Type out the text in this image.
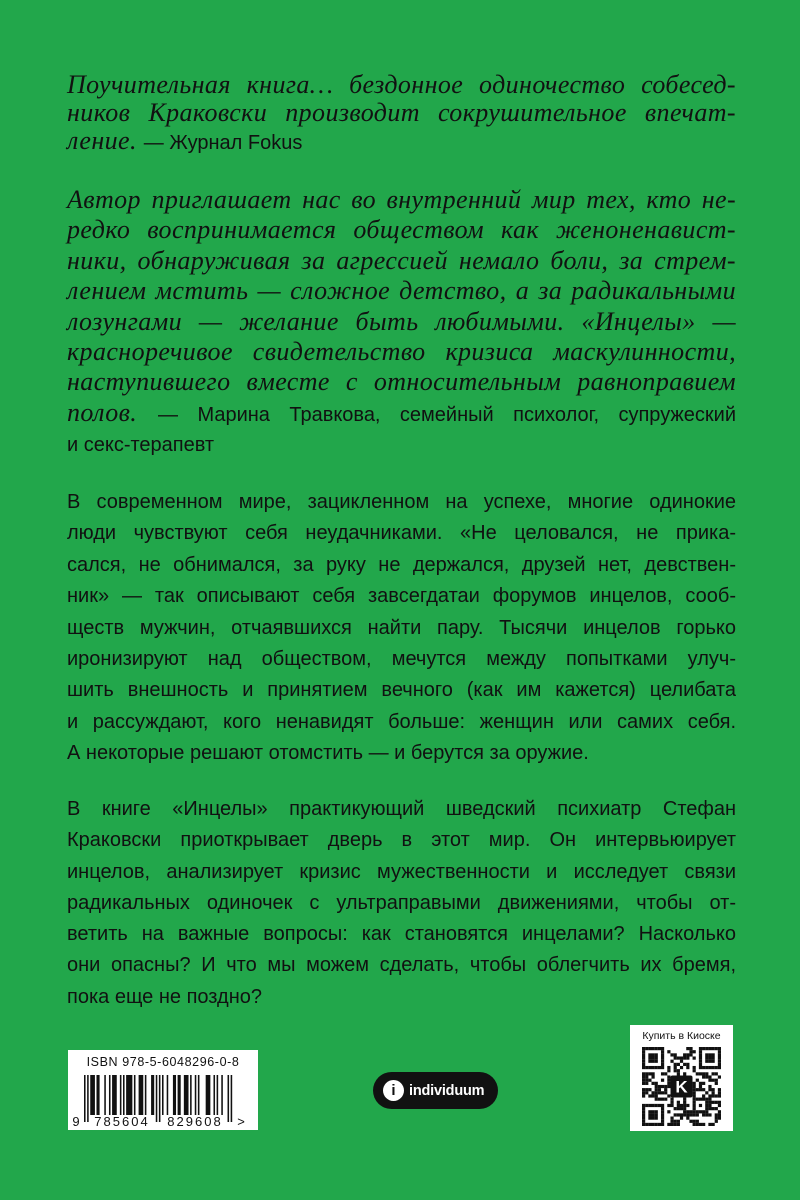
Поучительная книга… бездонное одиночество собесед-
ников Краковски производит сокрушительное впечат-
ление. — Журнал Fokus
Автор приглашает нас во внутренний мир тех, кто не-
редко воспринимается обществом как женоненавист-
ники, обнаруживая за агрессией немало боли, за стрем-
лением мстить — сложное детство, а за радикальными
лозунгами — желание быть любимыми. «Инцелы» —
красноречивое свидетельство кризиса маскулинности,
наступившего вместе с относительным равноправием
полов. — Марина Травкова, семейный психолог, супружеский
и секс-терапевт
В современном мире, зацикленном на успехе, многие одинокие
люди чувствуют себя неудачниками. «Не целовался, не прика-
сался, не обнимался, за руку не держался, друзей нет, девствен-
ник» — так описывают себя завсегдатаи форумов инцелов, сооб-
ществ мужчин, отчаявшихся найти пару. Тысячи инцелов горько
иронизируют над обществом, мечутся между попытками улуч-
шить внешность и принятием вечного (как им кажется) целибата
и рассуждают, кого ненавидят больше: женщин или самих себя.
А некоторые решают отомстить — и берутся за оружие.
В книге «Инцелы» практикующий шведский психиатр Стефан
Краковски приоткрывает дверь в этот мир. Он интервьюирует
инцелов, анализирует кризис мужественности и исследует связи
радикальных одиночек с ультраправыми движениями, чтобы от-
ветить на важные вопросы: как становятся инцелами? Насколько
они опасны? И что мы можем сделать, чтобы облегчить их бремя,
пока еще не поздно?
ISBN 978-5-6048296-0-8
9	785604	829608	>
i individuum
Купить в Киоске
K
